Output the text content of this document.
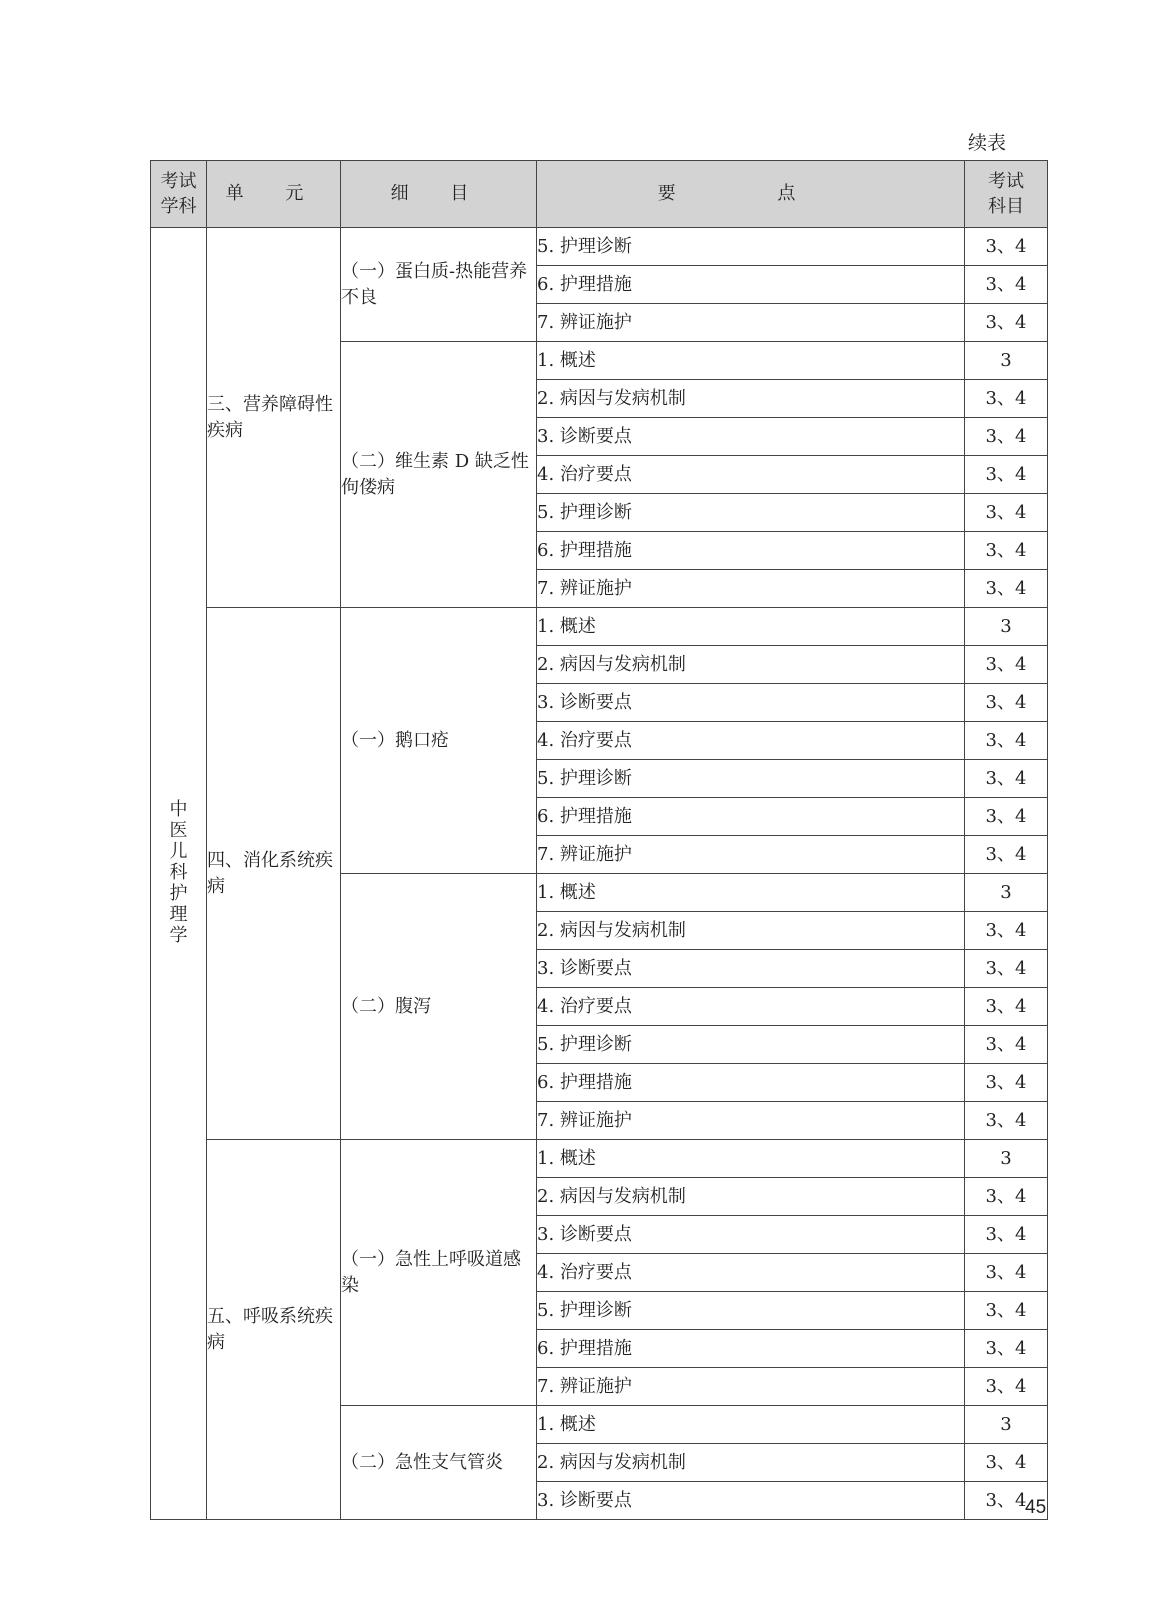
续表
考试学科	单 元	细 目	要 点	考试科目
中医儿科护理学	三、营养障碍性疾病	（一）蛋白质-热能营养不良	5. 护理诊断	3、4
			6. 护理措施	3、4
			7. 辨证施护	3、4
		（二）维生素 D 缺乏性佝偻病	1. 概述	3
			2. 病因与发病机制	3、4
			3. 诊断要点	3、4
			4. 治疗要点	3、4
			5. 护理诊断	3、4
			6. 护理措施	3、4
			7. 辨证施护	3、4
	四、消化系统疾病	（一）鹅口疮	1. 概述	3
			2. 病因与发病机制	3、4
			3. 诊断要点	3、4
			4. 治疗要点	3、4
			5. 护理诊断	3、4
			6. 护理措施	3、4
			7. 辨证施护	3、4
		（二）腹泻	1. 概述	3
			2. 病因与发病机制	3、4
			3. 诊断要点	3、4
			4. 治疗要点	3、4
			5. 护理诊断	3、4
			6. 护理措施	3、4
			7. 辨证施护	3、4
	五、呼吸系统疾病	（一）急性上呼吸道感染	1. 概述	3
			2. 病因与发病机制	3、4
			3. 诊断要点	3、4
			4. 治疗要点	3、4
			5. 护理诊断	3、4
			6. 护理措施	3、4
			7. 辨证施护	3、4
		（二）急性支气管炎	1. 概述	3
			2. 病因与发病机制	3、4
			3. 诊断要点	3、4
45
